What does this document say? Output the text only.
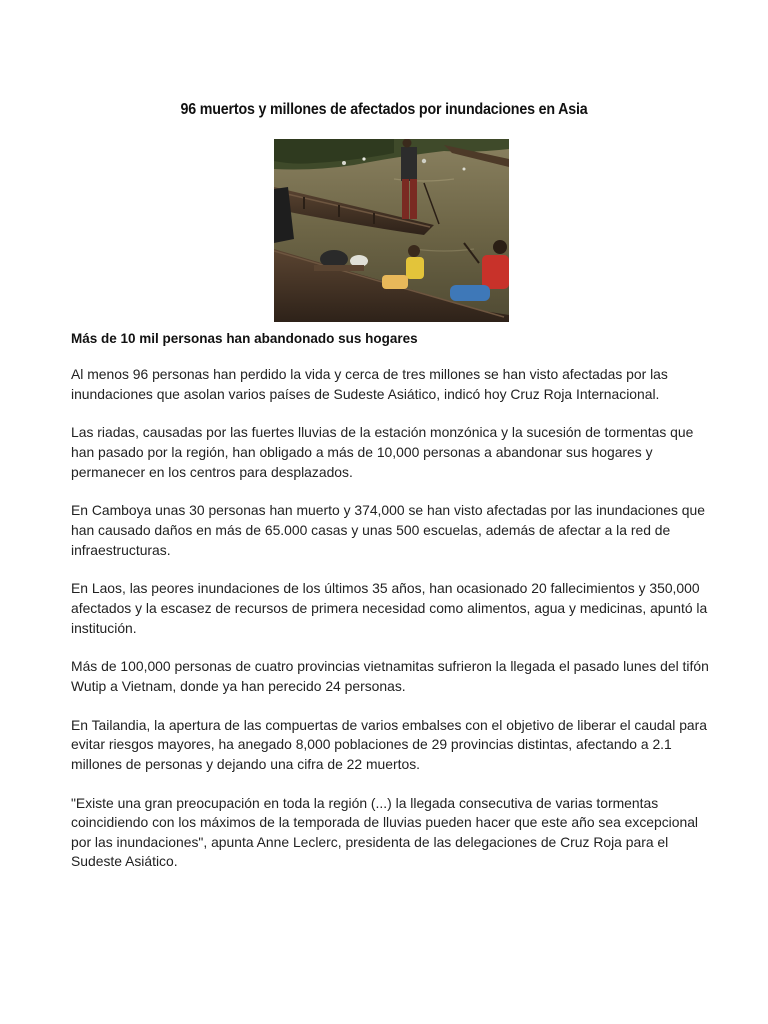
96 muertos y millones de afectados por inundaciones en Asia
Más de 10 mil personas han abandonado sus hogares

Al menos 96 personas han perdido la vida y cerca de tres millones se han visto afectadas por las inundaciones que asolan varios países de Sudeste Asiático, indicó hoy Cruz Roja Internacional.

Las riadas, causadas por las fuertes lluvias de la estación monzónica y la sucesión de tormentas que han pasado por la región, han obligado a más de 10,000 personas a abandonar sus hogares y permanecer en los centros para desplazados.

En Camboya unas 30 personas han muerto y 374,000 se han visto afectadas por las inundaciones que han causado daños en más de 65.000 casas y unas 500 escuelas, además de afectar a la red de infraestructuras.

En Laos, las peores inundaciones de los últimos 35 años, han ocasionado 20 fallecimientos y 350,000 afectados y la escasez de recursos de primera necesidad como alimentos, agua y medicinas, apuntó la institución.

Más de 100,000 personas de cuatro provincias vietnamitas sufrieron la llegada el pasado lunes del tifón Wutip a Vietnam, donde ya han perecido 24 personas.

En Tailandia, la apertura de las compuertas de varios embalses con el objetivo de liberar el caudal para evitar riesgos mayores, ha anegado 8,000 poblaciones de 29 provincias distintas, afectando a 2.1 millones de personas y dejando una cifra de 22 muertos.

"Existe una gran preocupación en toda la región (...) la llegada consecutiva de varias tormentas coincidiendo con los máximos de la temporada de lluvias pueden hacer que este año sea excepcional por las inundaciones", apunta Anne Leclerc, presidenta de las delegaciones de Cruz Roja para el Sudeste Asiático.
